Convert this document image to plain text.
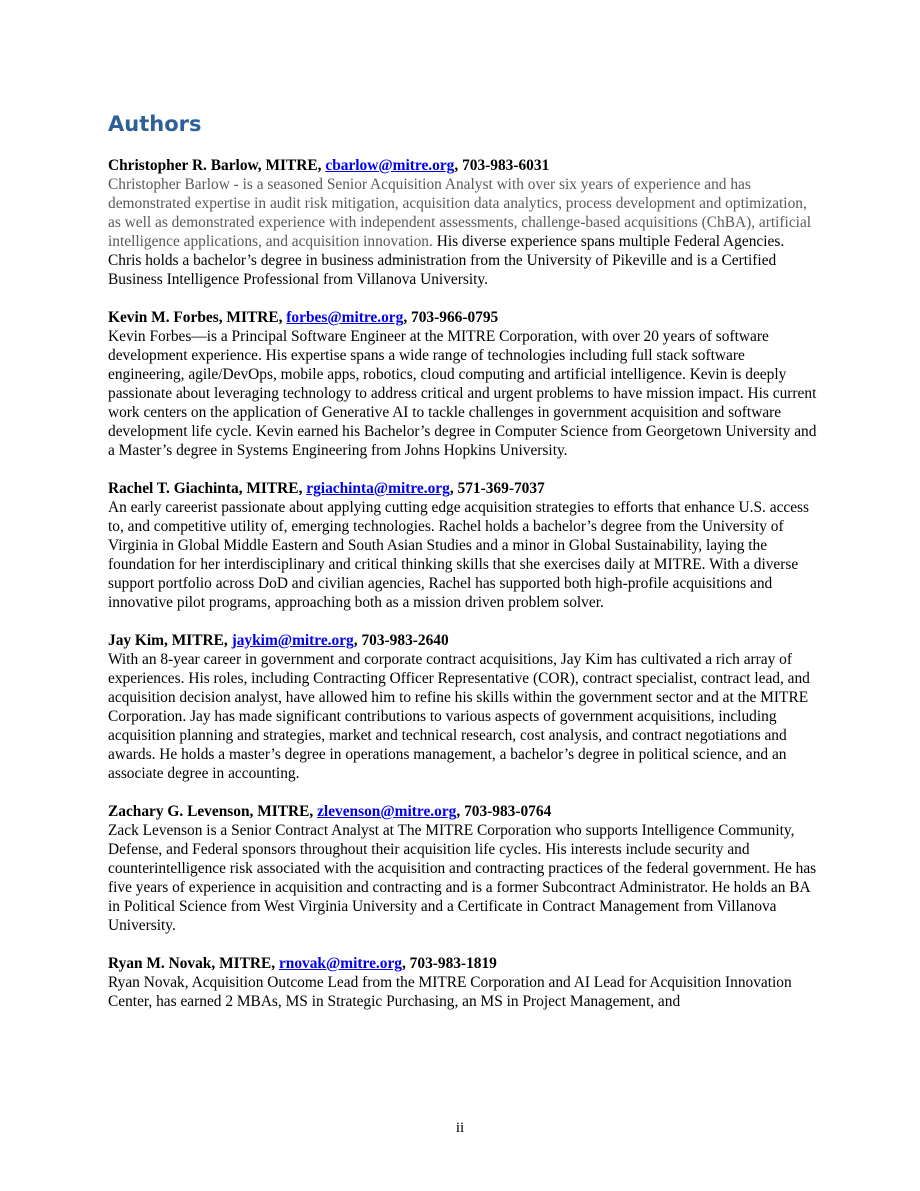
Authors

Christopher R. Barlow, MITRE, cbarlow@mitre.org, 703-983-6031
Christopher Barlow - is a seasoned Senior Acquisition Analyst with over six years of experience and has demonstrated expertise in audit risk mitigation, acquisition data analytics, process development and optimization, as well as demonstrated experience with independent assessments, challenge-based acquisitions (ChBA), artificial intelligence applications, and acquisition innovation. His diverse experience spans multiple Federal Agencies. Chris holds a bachelor’s degree in business administration from the University of Pikeville and is a Certified Business Intelligence Professional from Villanova University.

Kevin M. Forbes, MITRE, forbes@mitre.org, 703-966-0795
Kevin Forbes—is a Principal Software Engineer at the MITRE Corporation, with over 20 years of software development experience. His expertise spans a wide range of technologies including full stack software engineering, agile/DevOps, mobile apps, robotics, cloud computing and artificial intelligence. Kevin is deeply passionate about leveraging technology to address critical and urgent problems to have mission impact. His current work centers on the application of Generative AI to tackle challenges in government acquisition and software development life cycle. Kevin earned his Bachelor’s degree in Computer Science from Georgetown University and a Master’s degree in Systems Engineering from Johns Hopkins University.

Rachel T. Giachinta, MITRE, rgiachinta@mitre.org, 571-369-7037
An early careerist passionate about applying cutting edge acquisition strategies to efforts that enhance U.S. access to, and competitive utility of, emerging technologies. Rachel holds a bachelor’s degree from the University of Virginia in Global Middle Eastern and South Asian Studies and a minor in Global Sustainability, laying the foundation for her interdisciplinary and critical thinking skills that she exercises daily at MITRE. With a diverse support portfolio across DoD and civilian agencies, Rachel has supported both high-profile acquisitions and innovative pilot programs, approaching both as a mission driven problem solver.

Jay Kim, MITRE, jaykim@mitre.org, 703-983-2640
With an 8-year career in government and corporate contract acquisitions, Jay Kim has cultivated a rich array of experiences. His roles, including Contracting Officer Representative (COR), contract specialist, contract lead, and acquisition decision analyst, have allowed him to refine his skills within the government sector and at the MITRE Corporation. Jay has made significant contributions to various aspects of government acquisitions, including acquisition planning and strategies, market and technical research, cost analysis, and contract negotiations and awards. He holds a master’s degree in operations management, a bachelor’s degree in political science, and an associate degree in accounting.

Zachary G. Levenson, MITRE, zlevenson@mitre.org, 703-983-0764
Zack Levenson is a Senior Contract Analyst at The MITRE Corporation who supports Intelligence Community, Defense, and Federal sponsors throughout their acquisition life cycles. His interests include security and counterintelligence risk associated with the acquisition and contracting practices of the federal government. He has five years of experience in acquisition and contracting and is a former Subcontract Administrator. He holds an BA in Political Science from West Virginia University and a Certificate in Contract Management from Villanova University.

Ryan M. Novak, MITRE, rnovak@mitre.org, 703-983-1819
Ryan Novak, Acquisition Outcome Lead from the MITRE Corporation and AI Lead for Acquisition Innovation Center, has earned 2 MBAs, MS in Strategic Purchasing, an MS in Project Management, and

ii
